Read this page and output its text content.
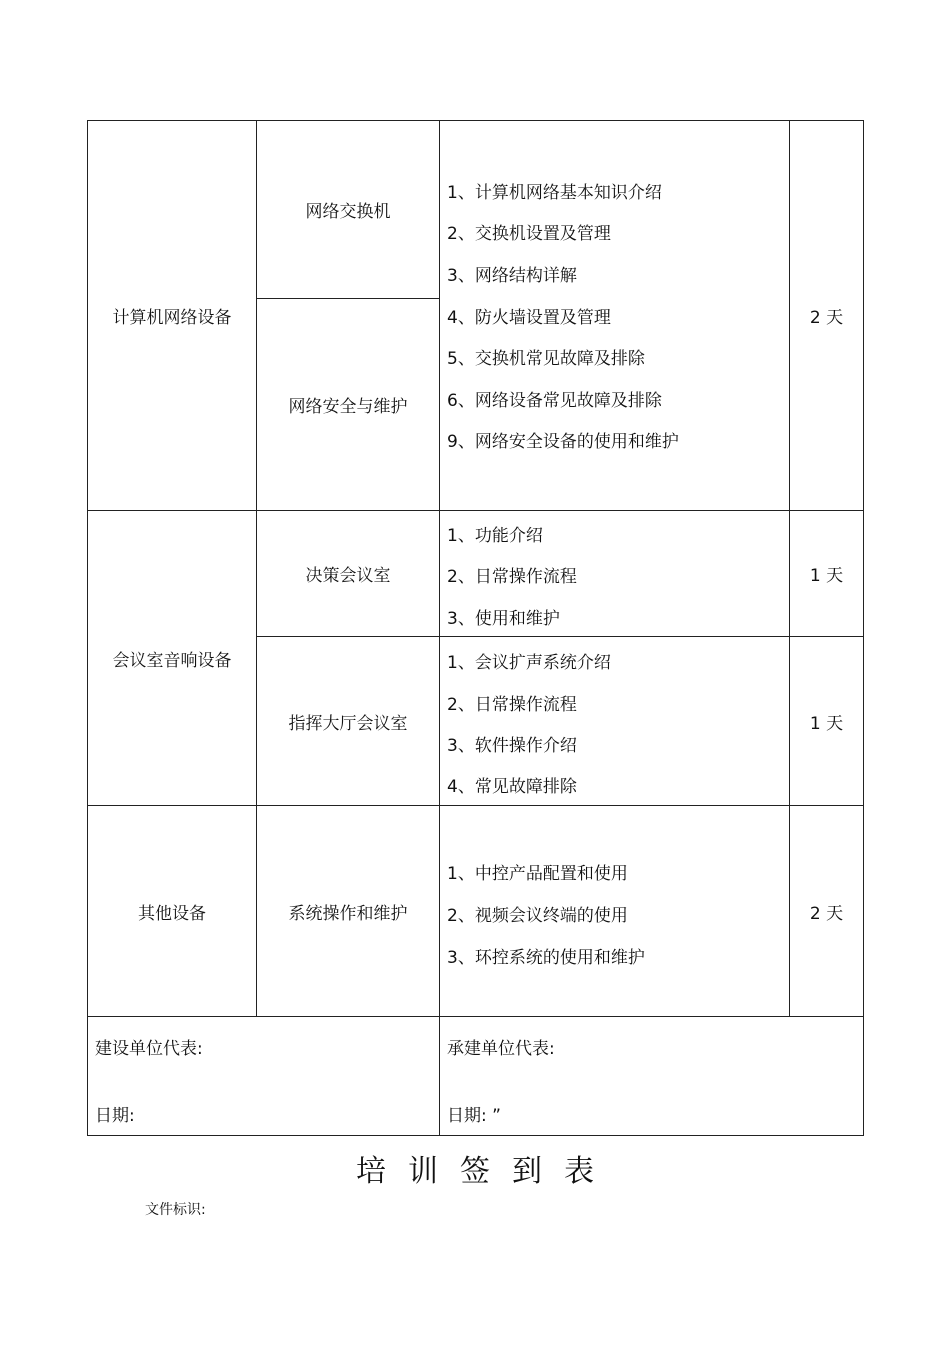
计算机网络设备
网络交换机
网络安全与维护
1、计算机网络基本知识介绍
2、交换机设置及管理
3、网络结构详解
4、防火墙设置及管理
5、交换机常见故障及排除
6、网络设备常见故障及排除
9、网络安全设备的使用和维护
2 天
会议室音响设备
决策会议室
1、功能介绍
2、日常操作流程
3、使用和维护
1 天
指挥大厅会议室
1、会议扩声系统介绍
2、日常操作流程
3、软件操作介绍
4、常见故障排除
1 天
其他设备	系统操作和维护
1、中控产品配置和使用
2、视频会议终端的使用
3、环控系统的使用和维护
2 天
建设单位代表:
日期:
承建单位代表:
日期: ”
培训签到表
文件标识:
